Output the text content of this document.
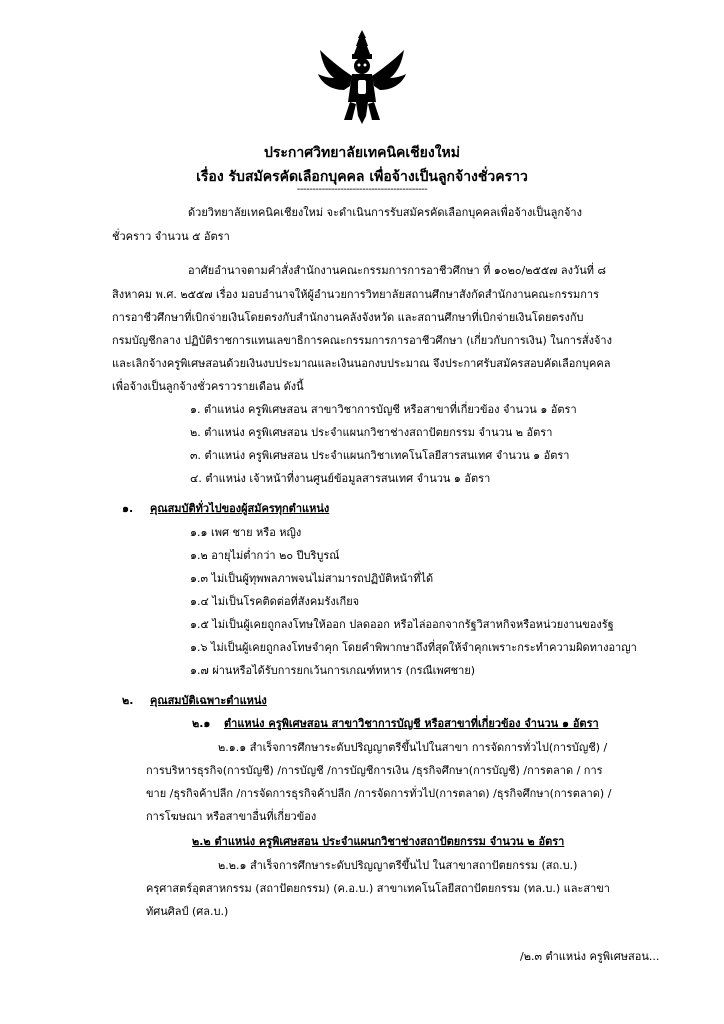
ประกาศวิทยาลัยเทคนิคเชียงใหม่
เรื่อง รับสมัครคัดเลือกบุคคล เพื่อจ้างเป็นลูกจ้างชั่วคราว
------------------------------------------
ด้วยวิทยาลัยเทคนิคเชียงใหม่ จะดำเนินการรับสมัครคัดเลือกบุคคลเพื่อจ้างเป็นลูกจ้าง
ชั่วคราว จำนวน ๕ อัตรา
อาศัยอำนาจตามคำสั่งสำนักงานคณะกรรมการการอาชีวศึกษา ที่ ๑๐๒๐/๒๕๕๗ ลงวันที่ ๘
สิงหาคม พ.ศ. ๒๕๕๗ เรื่อง มอบอำนาจให้ผู้อำนวยการวิทยาลัยสถานศึกษาสังกัดสำนักงานคณะกรรมการ
การอาชีวศึกษาที่เบิกจ่ายเงินโดยตรงกับสำนักงานคลังจังหวัด และสถานศึกษาที่เบิกจ่ายเงินโดยตรงกับ
กรมบัญชีกลาง ปฏิบัติราชการแทนเลขาธิการคณะกรรมการการอาชีวศึกษา (เกี่ยวกับการเงิน) ในการสั่งจ้าง
และเลิกจ้างครูพิเศษสอนด้วยเงินงบประมาณและเงินนอกงบประมาณ จึงประกาศรับสมัครสอบคัดเลือกบุคคล
เพื่อจ้างเป็นลูกจ้างชั่วคราวรายเดือน ดังนี้
๑. ตำแหน่ง ครูพิเศษสอน สาขาวิชาการบัญชี หรือสาขาที่เกี่ยวข้อง จำนวน ๑ อัตรา
๒. ตำแหน่ง ครูพิเศษสอน ประจำแผนกวิชาช่างสถาปัตยกรรม จำนวน ๒ อัตรา
๓. ตำแหน่ง ครูพิเศษสอน ประจำแผนกวิชาเทคโนโลยีสารสนเทศ จำนวน ๑ อัตรา
๔. ตำแหน่ง เจ้าหน้าที่งานศูนย์ข้อมูลสารสนเทศ จำนวน ๑ อัตรา
๑. คุณสมบัติทั่วไปของผู้สมัครทุกตำแหน่ง
๑.๑ เพศ ชาย หรือ หญิง
๑.๒ อายุไม่ต่ำกว่า ๒๐ ปีบริบูรณ์
๑.๓ ไม่เป็นผู้ทุพพลภาพจนไม่สามารถปฏิบัติหน้าที่ได้
๑.๔ ไม่เป็นโรคติดต่อที่สังคมรังเกียจ
๑.๕ ไม่เป็นผู้เคยถูกลงโทษให้ออก ปลดออก หรือไล่ออกจากรัฐวิสาหกิจหรือหน่วยงานของรัฐ
๑.๖ ไม่เป็นผู้เคยถูกลงโทษจำคุก โดยคำพิพากษาถึงที่สุดให้จำคุกเพราะกระทำความผิดทางอาญา
๑.๗ ผ่านหรือได้รับการยกเว้นการเกณฑ์ทหาร (กรณีเพศชาย)
๒. คุณสมบัติเฉพาะตำแหน่ง
๒.๑ ตำแหน่ง ครูพิเศษสอน สาขาวิชาการบัญชี หรือสาขาที่เกี่ยวข้อง จำนวน ๑ อัตรา
๒.๑.๑ สำเร็จการศึกษาระดับปริญญาตรีขึ้นไปในสาขา การจัดการทั่วไป(การบัญชี) /
การบริหารธุรกิจ(การบัญชี) /การบัญชี /การบัญชีการเงิน /ธุรกิจศึกษา(การบัญชี) /การตลาด / การ
ขาย /ธุรกิจค้าปลีก /การจัดการธุรกิจค้าปลีก /การจัดการทั่วไป(การตลาด) /ธุรกิจศึกษา(การตลาด) /
การโฆษณา หรือสาขาอื่นที่เกี่ยวข้อง
๒.๒ ตำแหน่ง ครูพิเศษสอน ประจำแผนกวิชาช่างสถาปัตยกรรม จำนวน ๒ อัตรา
๒.๒.๑ สำเร็จการศึกษาระดับปริญญาตรีขึ้นไป ในสาขาสถาปัตยกรรม (สถ.บ.)
ครุศาสตร์อุตสาหกรรม (สถาปัตยกรรม) (ค.อ.บ.) สาขาเทคโนโลยีสถาปัตยกรรม (ทล.บ.) และสาขา
ทัศนศิลป์ (ศล.บ.)
/๒.๓ ตำแหน่ง ครูพิเศษสอน...
